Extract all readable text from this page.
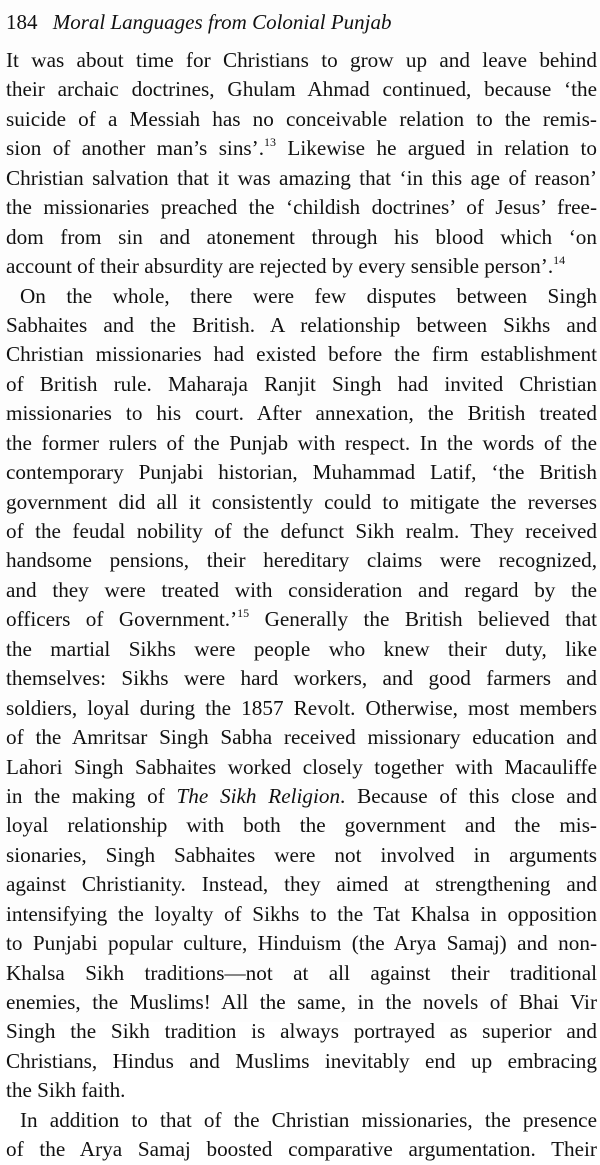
184 Moral Languages from Colonial Punjab
It was about time for Christians to grow up and leave behind
their archaic doctrines, Ghulam Ahmad continued, because ‘the
suicide of a Messiah has no conceivable relation to the remis-
sion of another man’s sins’.$^{13}$ Likewise he argued in relation to
Christian salvation that it was amazing that ‘in this age of reason’
the missionaries preached the ‘childish doctrines’ of Jesus’ free-
dom from sin and atonement through his blood which ‘on
account of their absurdity are rejected by every sensible person’.$^{14}$
On the whole, there were few disputes between Singh
Sabhaites and the British. A relationship between Sikhs and
Christian missionaries had existed before the firm establishment
of British rule. Maharaja Ranjit Singh had invited Christian
missionaries to his court. After annexation, the British treated
the former rulers of the Punjab with respect. In the words of the
contemporary Punjabi historian, Muhammad Latif, ‘the British
government did all it consistently could to mitigate the reverses
of the feudal nobility of the defunct Sikh realm. They received
handsome pensions, their hereditary claims were recognized,
and they were treated with consideration and regard by the
officers of Government.’$^{15}$ Generally the British believed that
the martial Sikhs were people who knew their duty, like
themselves: Sikhs were hard workers, and good farmers and
soldiers, loyal during the 1857 Revolt. Otherwise, most members
of the Amritsar Singh Sabha received missionary education and
Lahori Singh Sabhaites worked closely together with Macauliffe
in the making of The Sikh Religion. Because of this close and
loyal relationship with both the government and the mis-
sionaries, Singh Sabhaites were not involved in arguments
against Christianity. Instead, they aimed at strengthening and
intensifying the loyalty of Sikhs to the Tat Khalsa in opposition
to Punjabi popular culture, Hinduism (the Arya Samaj) and non-
Khalsa Sikh traditions—not at all against their traditional
enemies, the Muslims! All the same, in the novels of Bhai Vir
Singh the Sikh tradition is always portrayed as superior and
Christians, Hindus and Muslims inevitably end up embracing
the Sikh faith.
In addition to that of the Christian missionaries, the presence
of the Arya Samaj boosted comparative argumentation. Their
